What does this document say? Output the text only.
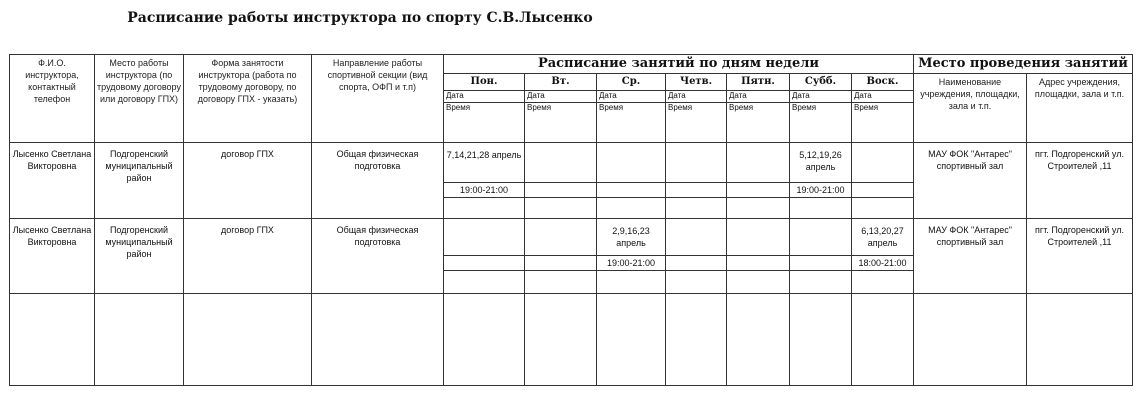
Расписание работы инструктора по спорту С.В.Лысенко
Ф.И.О. инструктора, контактный телефон	Место работы инструктора (по трудовому договору или договору ГПХ)	Форма занятости инструктора (работа по трудовому договору, по договору ГПХ - указать)	Направление работы спортивной секции (вид спорта, ОФП и т.п)	Расписание занятий по дням недели							Место проведения занятий	
				Пон.	Вт.	Ср.	Четв.	Пятн.	Субб.	Воск.	Наименование учреждения, площадки, зала и т.п.	Адрес учреждения, площадки, зала и т.п.
				Дата	Дата	Дата	Дата	Дата	Дата	Дата		
				Время	Время	Время	Время	Время	Время	Время		
Лысенко Светлана Викторовна	Подгоренский муниципальный район	договор ГПХ	Общая физическая подготовка	7,14,21,28 апрель					5,12,19,26 апрель		МАУ ФОК "Антарес" спортивный зал	пгт. Подгоренский ул. Строителей ,11
				19:00-21:00					19:00-21:00			

Лысенко Светлана Викторовна	Подгоренский муниципальный район	договор ГПХ	Общая физическая подготовка			2,9,16,23 апрель				6,13,20,27 апрель	МАУ ФОК "Антарес" спортивный зал	пгт. Подгоренский ул. Строителей ,11
						19:00-21:00				18:00-21:00		
